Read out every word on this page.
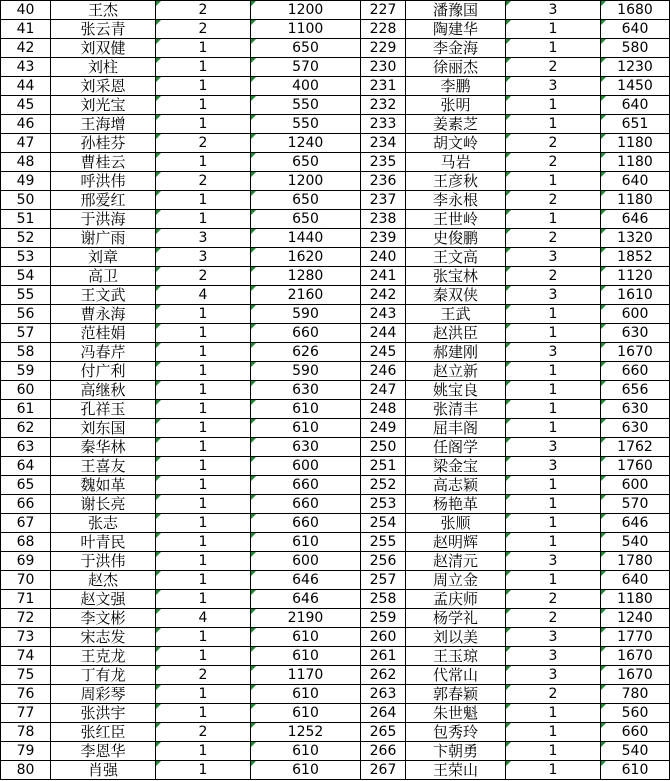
40	王杰	2	1200	227	潘豫国	3	1680
41	张云青	2	1100	228	陶建华	1	640
42	刘双健	1	650	229	李金海	1	580
43	刘柱	1	570	230	徐丽杰	2	1230
44	刘采恩	1	400	231	李鹏	3	1450
45	刘光宝	1	550	232	张明	1	640
46	王海增	1	550	233	姜素芝	1	651
47	孙桂芬	2	1240	234	胡文岭	2	1180
48	曹桂云	1	650	235	马岩	2	1180
49	呼洪伟	2	1200	236	王彦秋	1	640
50	邢爱红	1	650	237	李永根	2	1180
51	于洪海	1	650	238	王世岭	1	646
52	谢广雨	3	1440	239	史俊鹏	2	1320
53	刘章	3	1620	240	王文高	3	1852
54	高卫	2	1280	241	张宝林	2	1120
55	王文武	4	2160	242	秦双侠	3	1610
56	曹永海	1	590	243	王武	1	600
57	范桂娟	1	660	244	赵洪臣	1	630
58	冯春芹	1	626	245	郝建刚	3	1670
59	付广利	1	590	246	赵立新	1	660
60	高继秋	1	630	247	姚宝良	1	656
61	孔祥玉	1	610	248	张清丰	1	630
62	刘东国	1	610	249	屈丰阁	1	630
63	秦华林	1	630	250	任阁学	3	1762
64	王喜友	1	600	251	梁金宝	3	1760
65	魏如革	1	660	252	高志颖	1	600
66	谢长亮	1	660	253	杨艳革	1	570
67	张志	1	660	254	张顺	1	646
68	叶青民	1	610	255	赵明辉	1	540
69	于洪伟	1	600	256	赵清元	3	1780
70	赵杰	1	646	257	周立金	1	640
71	赵文强	1	646	258	孟庆师	2	1180
72	李文彬	4	2190	259	杨学礼	2	1240
73	宋志发	1	610	260	刘以美	3	1770
74	王克龙	1	610	261	王玉琼	3	1670
75	丁有龙	2	1170	262	代常山	3	1670
76	周彩琴	1	610	263	郭春颖	2	780
77	张洪宇	1	610	264	朱世魁	1	560
78	张红臣	2	1252	265	包秀玲	1	660
79	李恩华	1	610	266	卞朝勇	1	540
80	肖强	1	610	267	王荣山	1	610
